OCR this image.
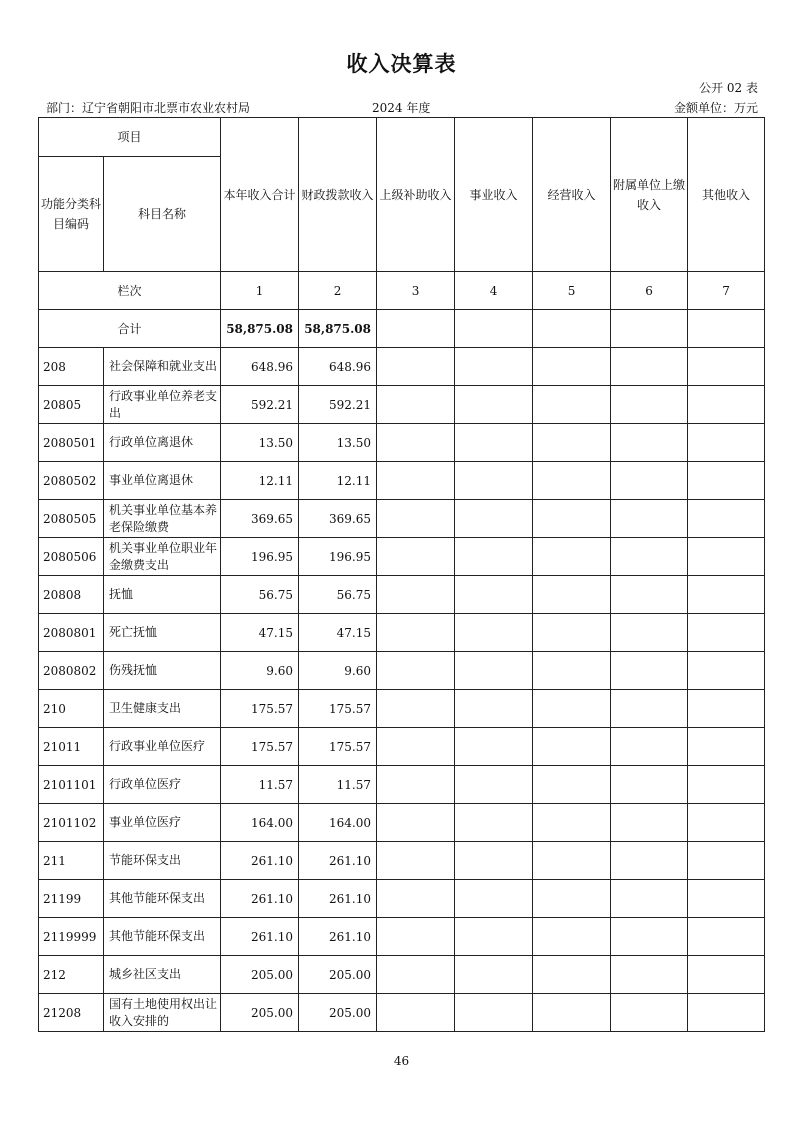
收入决算表
公开 02 表
部门：辽宁省朝阳市北票市农业农村局	2024 年度	金额单位：万元
项目		本年收入合计	财政拨款收入	上级补助收入	事业收入	经营收入	附属单位上缴收入	其他收入
功能分类科目编码	科目名称							
栏次		1	2	3	4	5	6	7
合计		58,875.08	58,875.08					
208	社会保障和就业支出	648.96	648.96					
20805	行政事业单位养老支出	592.21	592.21					
2080501	行政单位离退休	13.50	13.50					
2080502	事业单位离退休	12.11	12.11					
2080505	机关事业单位基本养老保险缴费	369.65	369.65					
2080506	机关事业单位职业年金缴费支出	196.95	196.95					
20808	抚恤	56.75	56.75					
2080801	死亡抚恤	47.15	47.15					
2080802	伤残抚恤	9.60	9.60					
210	卫生健康支出	175.57	175.57					
21011	行政事业单位医疗	175.57	175.57					
2101101	行政单位医疗	11.57	11.57					
2101102	事业单位医疗	164.00	164.00					
211	节能环保支出	261.10	261.10					
21199	其他节能环保支出	261.10	261.10					
2119999	其他节能环保支出	261.10	261.10					
212	城乡社区支出	205.00	205.00					
21208	国有土地使用权出让收入安排的	205.00	205.00					
46
